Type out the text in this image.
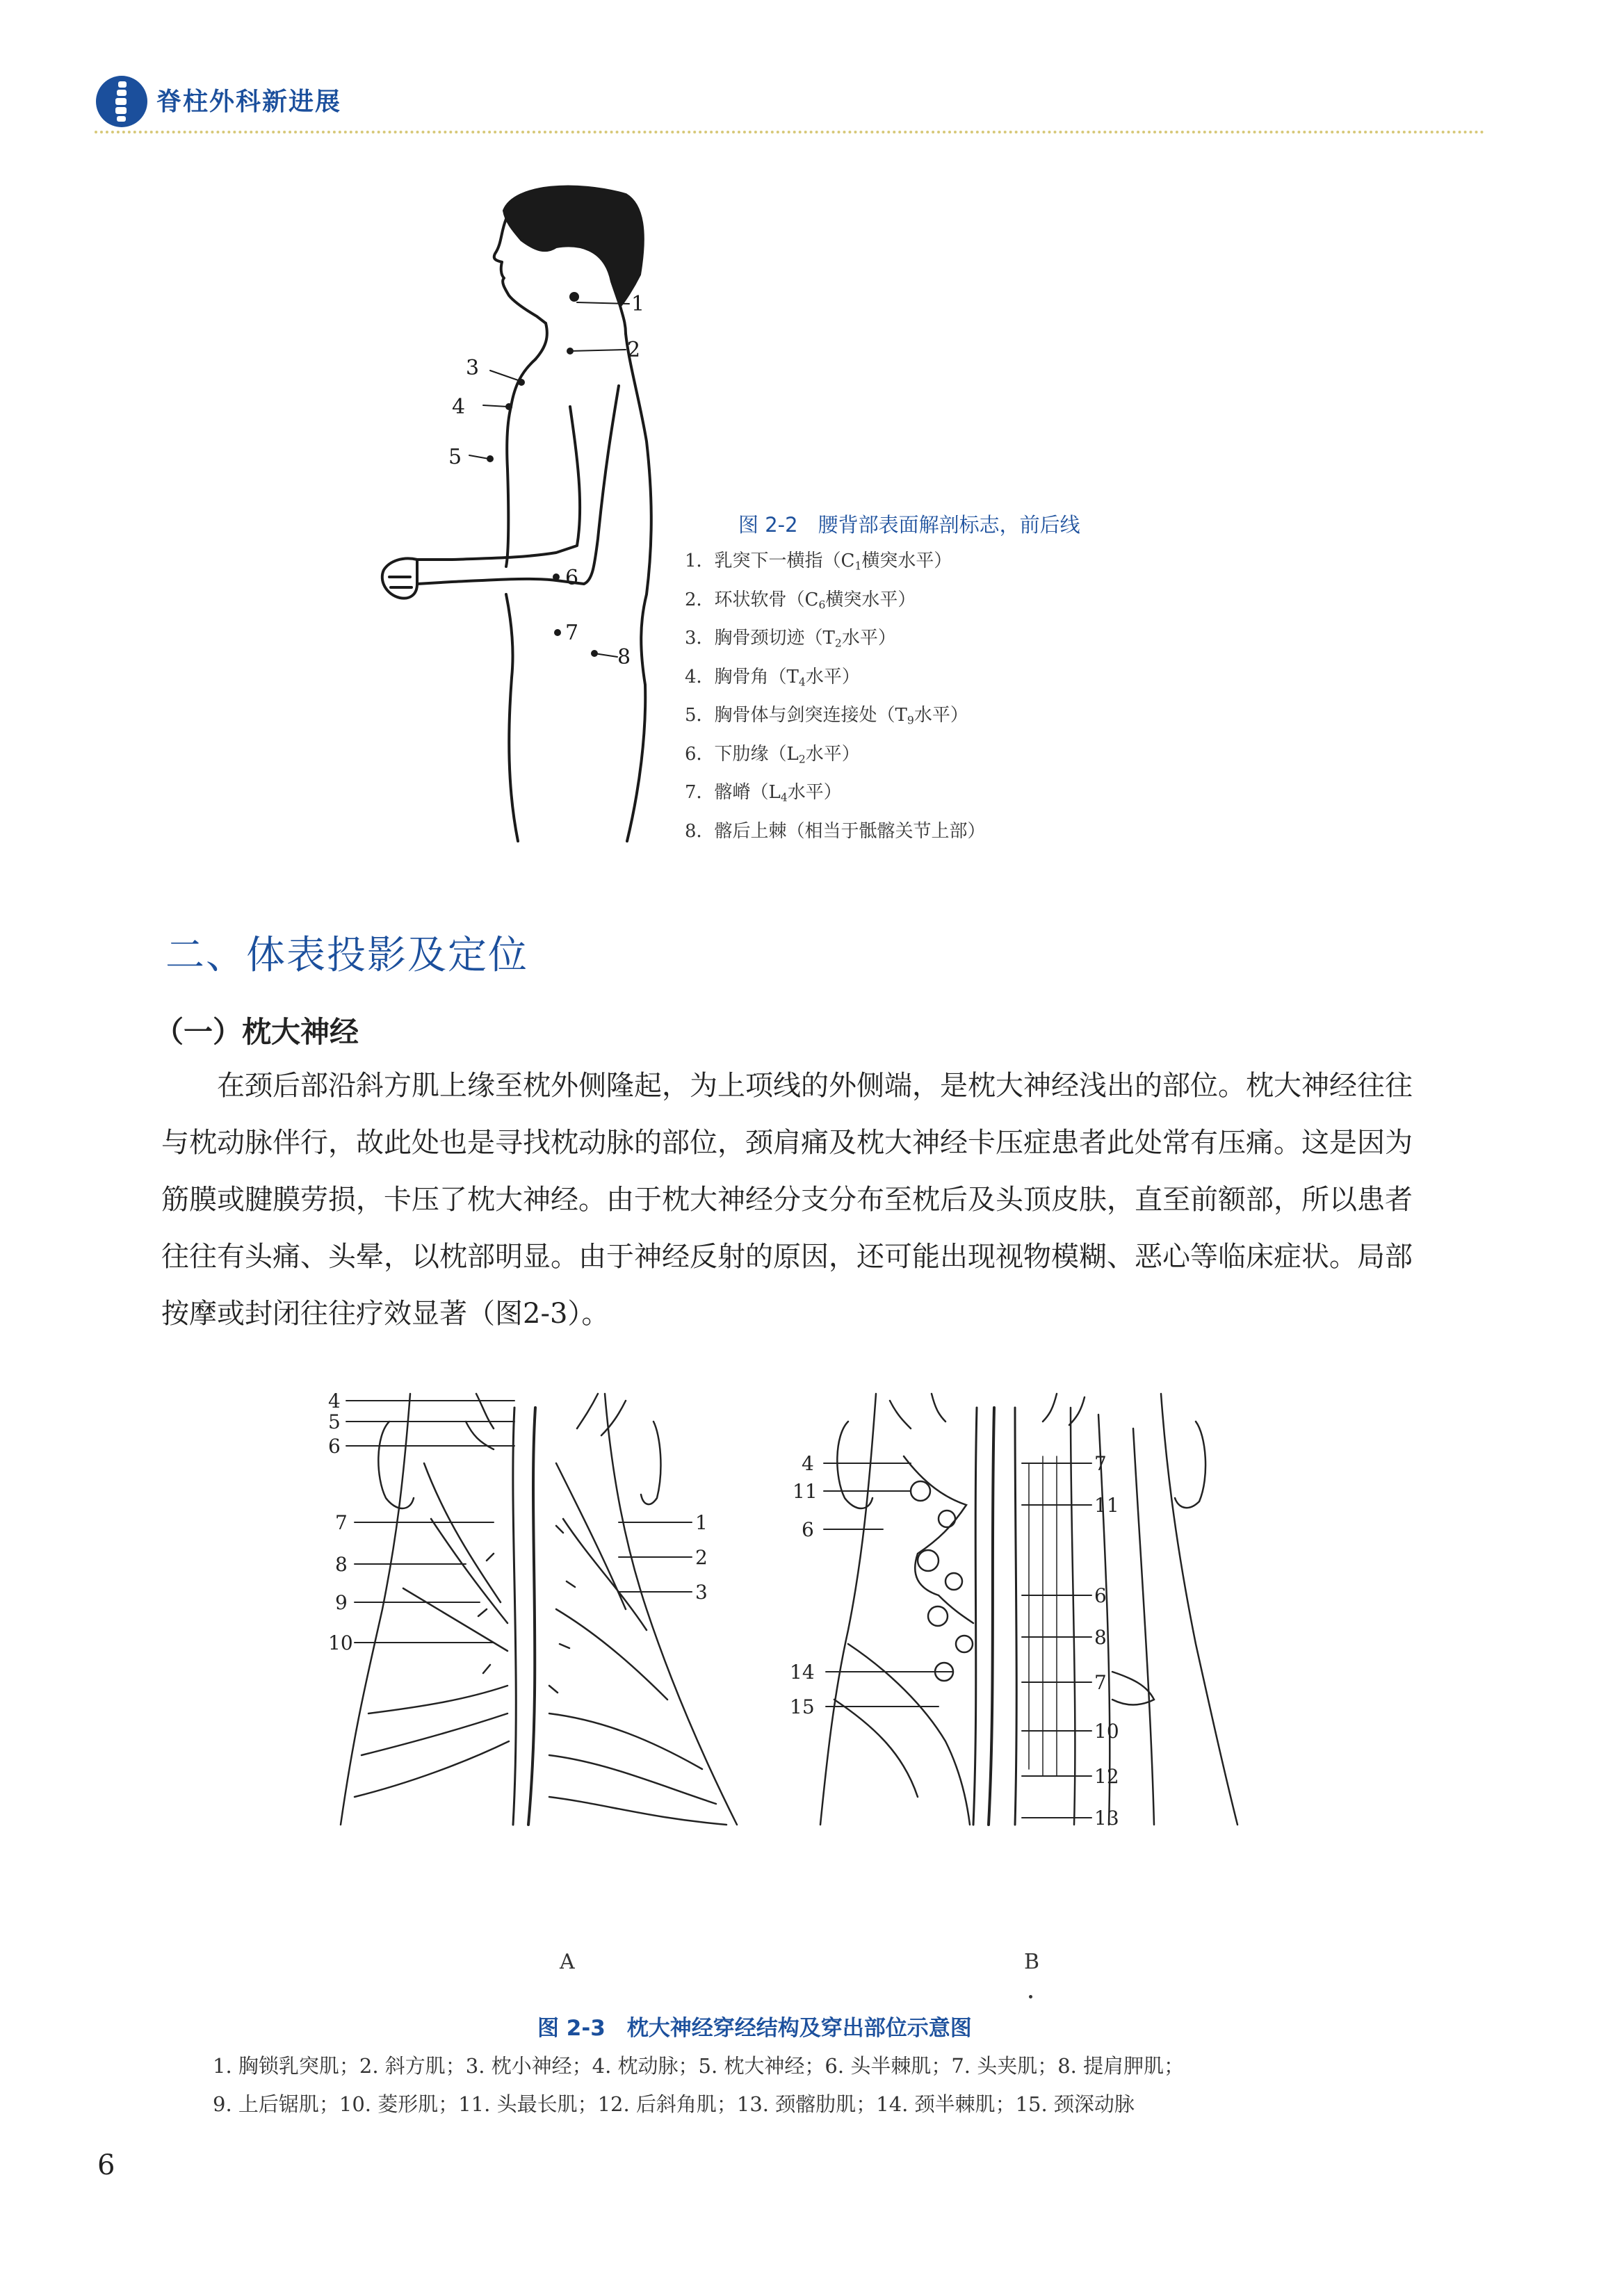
脊柱外科新进展
1
2
3
4
5
6
7
8
图 2-2　腰背部表面解剖标志，前后线
1．乳突下一横指（$C_1$横突水平）
2．环状软骨（$C_6$横突水平）
3．胸骨颈切迹（$T_2$水平）
4．胸骨角（$T_4$水平）
5．胸骨体与剑突连接处（$T_9$水平）
6．下肋缘（$L_2$水平）
7．髂嵴（$L_4$水平）
8．髂后上棘（相当于骶髂关节上部）
二、体表投影及定位
（一）枕大神经
　　在颈后部沿斜方肌上缘至枕外侧隆起，为上项线的外侧端，是枕大神经浅出的部位。枕大神经往往
与枕动脉伴行，故此处也是寻找枕动脉的部位，颈肩痛及枕大神经卡压症患者此处常有压痛。这是因为
筋膜或腱膜劳损，卡压了枕大神经。由于枕大神经分支分布至枕后及头顶皮肤，直至前额部，所以患者
往往有头痛、头晕，以枕部明显。由于神经反射的原因，还可能出现视物模糊、恶心等临床症状。局部
按摩或封闭往往疗效显著（图2-3）。
4
5
6
7
8
9
10
1
2
3
4
11
6
14
15
7
11
6
8
7
10
12
13
A	B
图 2-3　枕大神经穿经结构及穿出部位示意图
1. 胸锁乳突肌；2. 斜方肌；3. 枕小神经；4. 枕动脉；5. 枕大神经；6. 头半棘肌；7. 头夹肌；8. 提肩胛肌；
9. 上后锯肌；10. 菱形肌；11. 头最长肌；12. 后斜角肌；13. 颈髂肋肌；14. 颈半棘肌；15. 颈深动脉
6
